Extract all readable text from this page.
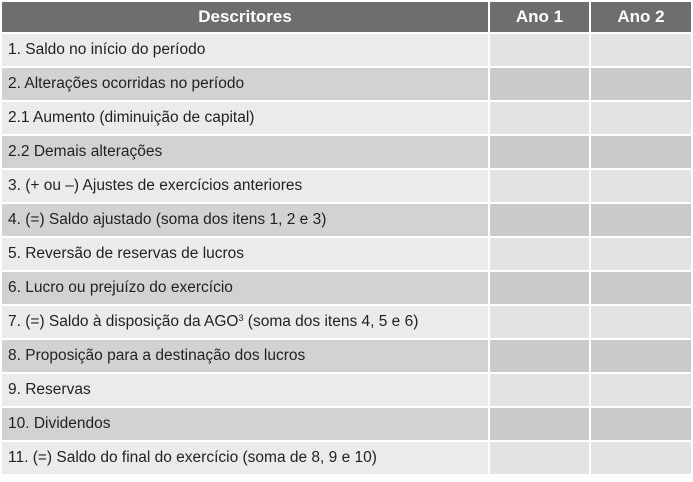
Descritores	Ano 1	Ano 2
1. Saldo no início do período		
2. Alterações ocorridas no período		
2.1 Aumento (diminuição de capital)		
2.2 Demais alterações		
3. (+ ou –) Ajustes de exercícios anteriores		
4. (=) Saldo ajustado (soma dos itens 1, 2 e 3)		
5. Reversão de reservas de lucros		
6. Lucro ou prejuízo do exercício		
7. (=) Saldo à disposição da AGO$^3$ (soma dos itens 4, 5 e 6)		
8. Proposição para a destinação dos lucros		
9. Reservas		
10. Dividendos		
11. (=) Saldo do final do exercício (soma de 8, 9 e 10)		
